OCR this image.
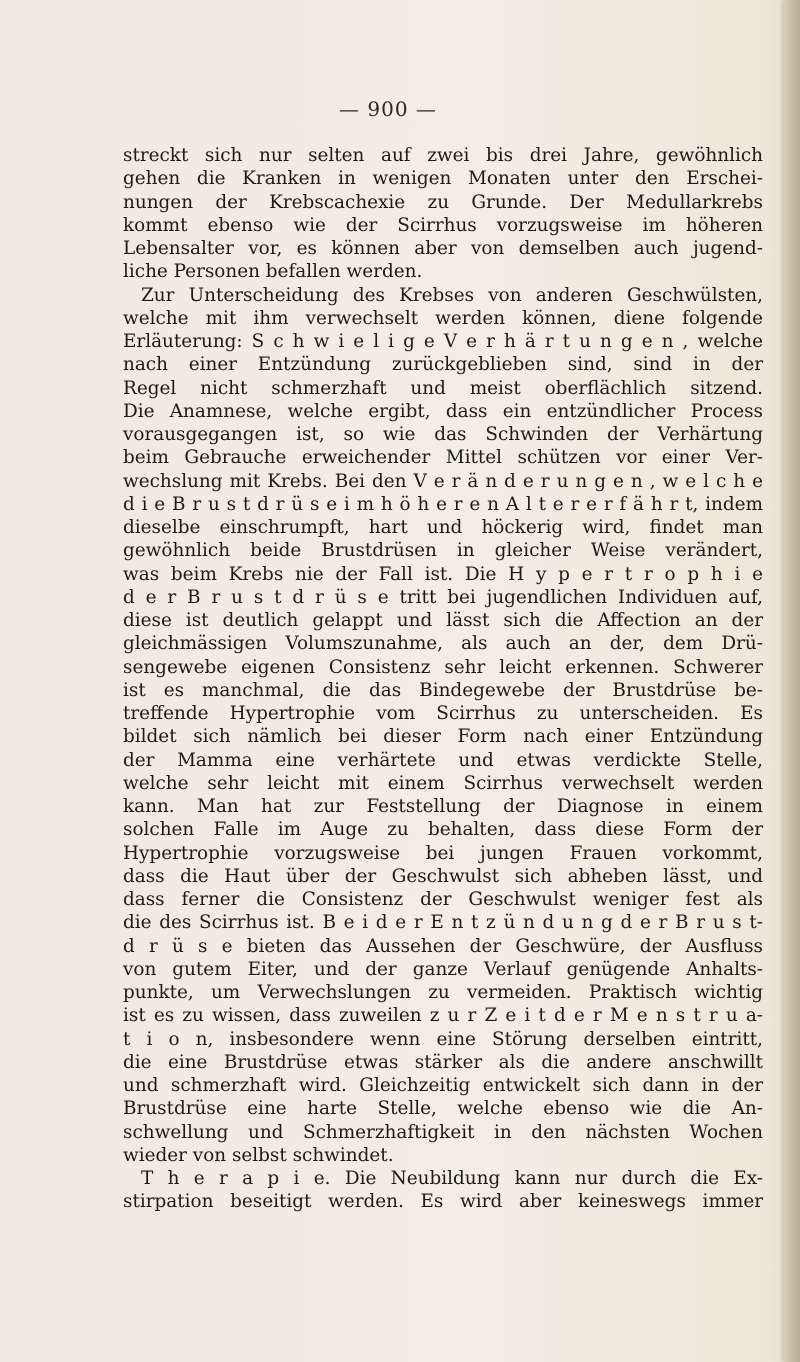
— 900 —
streckt sich nur selten auf zwei bis drei Jahre, gewöhnlich
gehen die Kranken in wenigen Monaten unter den Erschei-
nungen der Krebscachexie zu Grunde. Der Medullarkrebs
kommt ebenso wie der Scirrhus vorzugsweise im höheren
Lebensalter vor, es können aber von demselben auch jugend-
liche Personen befallen werden.
Zur Unterscheidung des Krebses von anderen Geschwülsten,
welche mit ihm verwechselt werden können, diene folgende
Erläuterung: S c h w i e l i g e V e r h ä r t u n g e n , welche
nach einer Entzündung zurückgeblieben sind, sind in der
Regel nicht schmerzhaft und meist oberflächlich sitzend.
Die Anamnese, welche ergibt, dass ein entzündlicher Process
vorausgegangen ist, so wie das Schwinden der Verhärtung
beim Gebrauche erweichender Mittel schützen vor einer Ver-
wechslung mit Krebs. Bei den V e r ä n d e r u n g e n , w e l c h e
d i e B r u s t d r ü s e i m h ö h e r e n A l t e r e r f ä h r t, indem
dieselbe einschrumpft, hart und höckerig wird, findet man
gewöhnlich beide Brustdrüsen in gleicher Weise verändert,
was beim Krebs nie der Fall ist. Die H y p e r t r o p h i e
d e r B r u s t d r ü s e tritt bei jugendlichen Individuen auf,
diese ist deutlich gelappt und lässt sich die Affection an der
gleichmässigen Volumszunahme, als auch an der, dem Drü-
sengewebe eigenen Consistenz sehr leicht erkennen. Schwerer
ist es manchmal, die das Bindegewebe der Brustdrüse be-
treffende Hypertrophie vom Scirrhus zu unterscheiden. Es
bildet sich nämlich bei dieser Form nach einer Entzündung
der Mamma eine verhärtete und etwas verdickte Stelle,
welche sehr leicht mit einem Scirrhus verwechselt werden
kann. Man hat zur Feststellung der Diagnose in einem
solchen Falle im Auge zu behalten, dass diese Form der
Hypertrophie vorzugsweise bei jungen Frauen vorkommt,
dass die Haut über der Geschwulst sich abheben lässt, und
dass ferner die Consistenz der Geschwulst weniger fest als
die des Scirrhus ist. B e i d e r E n t z ü n d u n g d e r B r u s t-
d r ü s e bieten das Aussehen der Geschwüre, der Ausfluss
von gutem Eiter, und der ganze Verlauf genügende Anhalts-
punkte, um Verwechslungen zu vermeiden. Praktisch wichtig
ist es zu wissen, dass zuweilen z u r Z e i t d e r M e n s t r u a-
t i o n, insbesondere wenn eine Störung derselben eintritt,
die eine Brustdrüse etwas stärker als die andere anschwillt
und schmerzhaft wird. Gleichzeitig entwickelt sich dann in der
Brustdrüse eine harte Stelle, welche ebenso wie die An-
schwellung und Schmerzhaftigkeit in den nächsten Wochen
wieder von selbst schwindet.
T h e r a p i e. Die Neubildung kann nur durch die Ex-
stirpation beseitigt werden. Es wird aber keineswegs immer
